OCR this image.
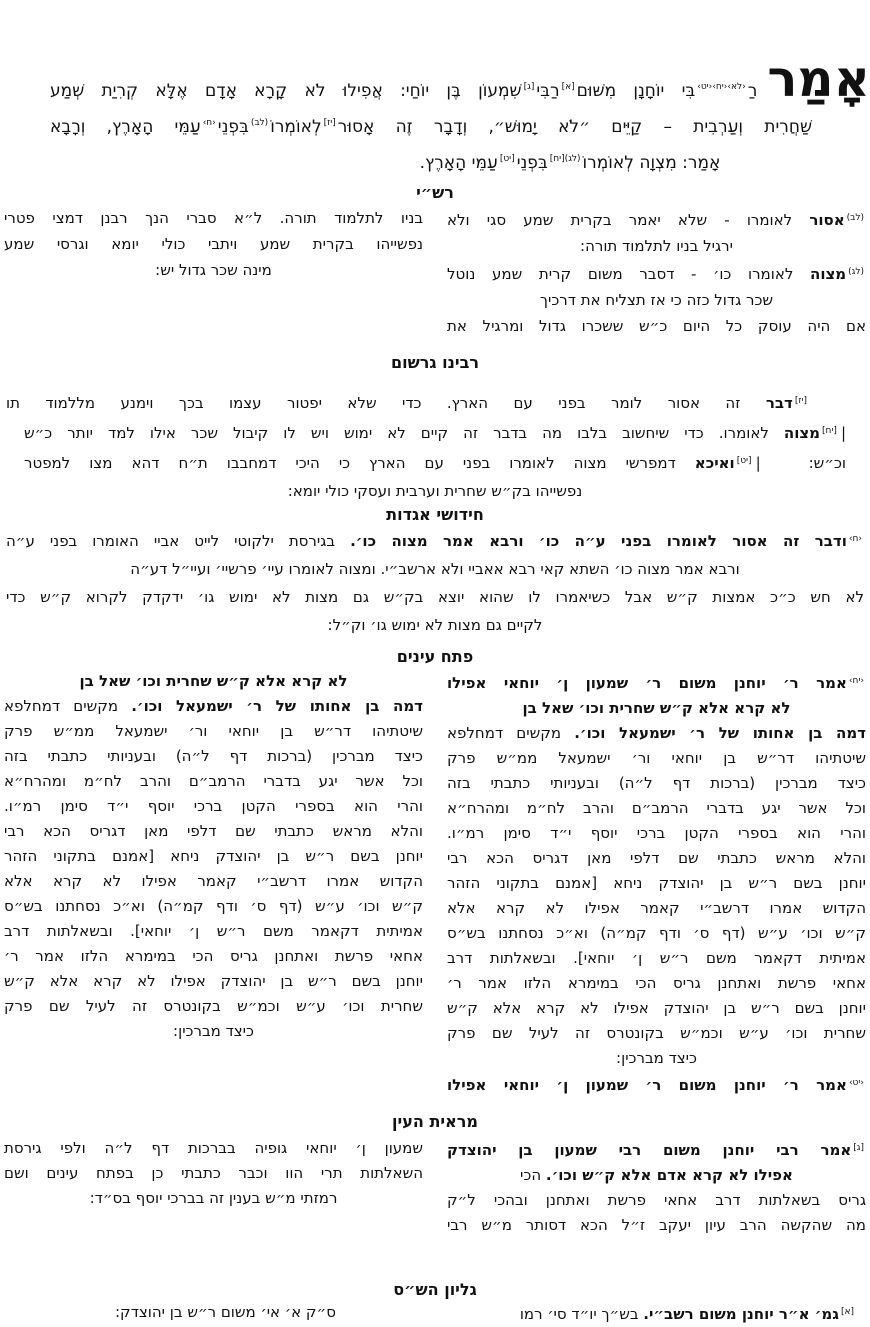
אָמַר
רַ$^{‹לא›‹יח›‹יט›}$בִּי יוֹחָנָן מִשּׁוּם[א]רַבִּי[ג]שִׁמְעוֹן בֶּן יוֹחַי: אֲפִילוּ לֹא קָרָא אָדָם אֶלָּא קְרִיַת שְׁמַע
שַׁחֲרִית וְעַרְבִית – קַיֵּים ״לֹא יָמוּשׁ״, וְדָבָר זֶה אָסוּר[יז]לְאוֹמְרוֹ$^{(לב)}$בִּפְנֵי$^{‹ח›}$עַמֵּי הָאָרֶץ, וְרָבָא
אָמַר: מִצְוָה לְאוֹמְרוֹ$^{(לג)[יח]}$בִּפְנֵי[יט]עַמֵּי הָאָרֶץ.
רש״י
$^{(לב)}$אסור לאומרו - שלא יאמר בקרית שמע סגי ולא
ירגיל בניו לתלמוד תורה:
$^{(לג)}$מצוה לאומרו כו׳ - דסבר משום קרית שמע נוטל
שכר גדול כזה כי אז תצליח את דרכיך
אם היה עוסק כל היום כ״ש ששכרו גדול ומרגיל את
בניו לתלמוד תורה. ל״א סברי הנך רבנן דמצי פטרי
נפשייהו בקרית שמע ויתבי כולי יומא וגרסי שמע
מינה שכר גדול יש:
רבינו גרשום
[יז]דבר זה אסור לומר בפני עם הארץ. כדי שלא יפטור עצמו בכך וימנע מללמוד תו
|[יח]מצוה לאומרו. כדי שיחשוב בלבו מה בדבר זה קיים לא ימוש ויש לו קיבול שכר אילו למד יותר כ״ש
וכ״ש:|[יט]ואיכא דמפרשי מצוה לאומרו בפני עם הארץ כי היכי דמחבבו ת״ח דהא מצו למפטר
נפשייהו בק״ש שחרית וערבית ועסקי כולי יומא:
חידושי אגדות
$^{‹ח›}$ודבר זה אסור לאומרו בפני ע״ה כו׳ ורבא אמר מצוה כו׳. בגירסת ילקוטי לייט אביי האומרו בפני ע״ה
ורבא אמר מצוה כו׳ השתא קאי רבא אאביי ולא ארשב״י. ומצוה לאומרו עיי׳ פרשיי׳ ועיי״ל דע״ה
לא חש כ״כ אמצות ק״ש אבל כשיאמרו לו שהוא יוצא בק״ש גם מצות לא ימוש גו׳ ידקדק לקרוא ק״ש כדי
לקיים גם מצות לא ימוש גו׳ וק״ל:
פתח עינים
$^{‹יח›}$אמר ר׳ יוחנן משום ר׳ שמעון ן׳ יוחאי אפילו
לא קרא אלא ק״ש שחרית וכו׳ שאל בן
דמה בן אחותו של ר׳ ישמעאל וכו׳. מקשים דמחלפא
שיטתיהו דר״ש בן יוחאי ור׳ ישמעאל ממ״ש פרק
כיצד מברכין (ברכות דף ל״ה) ובעניותי כתבתי בזה
וכל אשר יגע בדברי הרמב״ם והרב לח״מ ומהרח״א
והרי הוא בספרי הקטן ברכי יוסף י״ד סימן רמ״ו.
והלא מראש כתבתי שם דלפי מאן דגריס הכא רבי
יוחנן בשם ר״ש בן יהוצדק ניחא [אמנם בתקוני הזהר
הקדוש אמרו דרשב״י קאמר אפילו לא קרא אלא
ק״ש וכו׳ ע״ש (דף ס׳ ודף קמ״ה) וא״כ נסחתנו בש״ס
אמיתית דקאמר משם ר״ש ן׳ יוחאי]. ובשאלתות דרב
אחאי פרשת ואתחנן גריס הכי במימרא הלזו אמר ר׳
יוחנן בשם ר״ש בן יהוצדק אפילו לא קרא אלא ק״ש
שחרית וכו׳ ע״ש וכמ״ש בקונטרס זה לעיל שם פרק
כיצד מברכין:
$^{‹יט›}$אמר ר׳ יוחנן משום ר׳ שמעון ן׳ יוחאי אפילו
לא קרא אלא ק״ש שחרית וכו׳ שאל בן
דמה בן אחותו של ר׳ ישמעאל וכו׳. מקשים דמחלפא
שיטתיהו דר״ש בן יוחאי ור׳ ישמעאל ממ״ש פרק
כיצד מברכין (ברכות דף ל״ה) ובעניותי כתבתי בזה
וכל אשר יגע בדברי הרמב״ם והרב לח״מ ומהרח״א
והרי הוא בספרי הקטן ברכי יוסף י״ד סימן רמ״ו.
והלא מראש כתבתי שם דלפי מאן דגריס הכא רבי
יוחנן בשם ר״ש בן יהוצדק ניחא [אמנם בתקוני הזהר
הקדוש אמרו דרשב״י קאמר אפילו לא קרא אלא
ק״ש וכו׳ ע״ש (דף ס׳ ודף קמ״ה) וא״כ נסחתנו בש״ס
אמיתית דקאמר משם ר״ש ן׳ יוחאי]. ובשאלתות דרב
אחאי פרשת ואתחנן גריס הכי במימרא הלזו אמר ר׳
יוחנן בשם ר״ש בן יהוצדק אפילו לא קרא אלא ק״ש
שחרית וכו׳ ע״ש וכמ״ש בקונטרס זה לעיל שם פרק
כיצד מברכין:
מראית העין
[ג]אמר רבי יוחנן משום רבי שמעון בן יהוצדק
אפילו לא קרא אדם אלא ק״ש וכו׳. הכי
גריס בשאלתות דרב אחאי פרשת ואתחנן ובהכי ל״ק
מה שהקשה הרב עיון יעקב ז״ל הכא דסותר מ״ש רבי
שמעון ן׳ יוחאי גופיה בברכות דף ל״ה ולפי גירסת
השאלתות תרי הוו וכבר כתבתי כן בפתח עינים ושם
רמזתי מ״ש בענין זה בברכי יוסף בס״ד:
גליון הש״ס
[א]גמ׳ א״ר יוחנן משום רשב״י. בש״ך יו״ד סי׳ רמו
ס״ק א׳ אי׳ משום ר״ש בן יהוצדק:
